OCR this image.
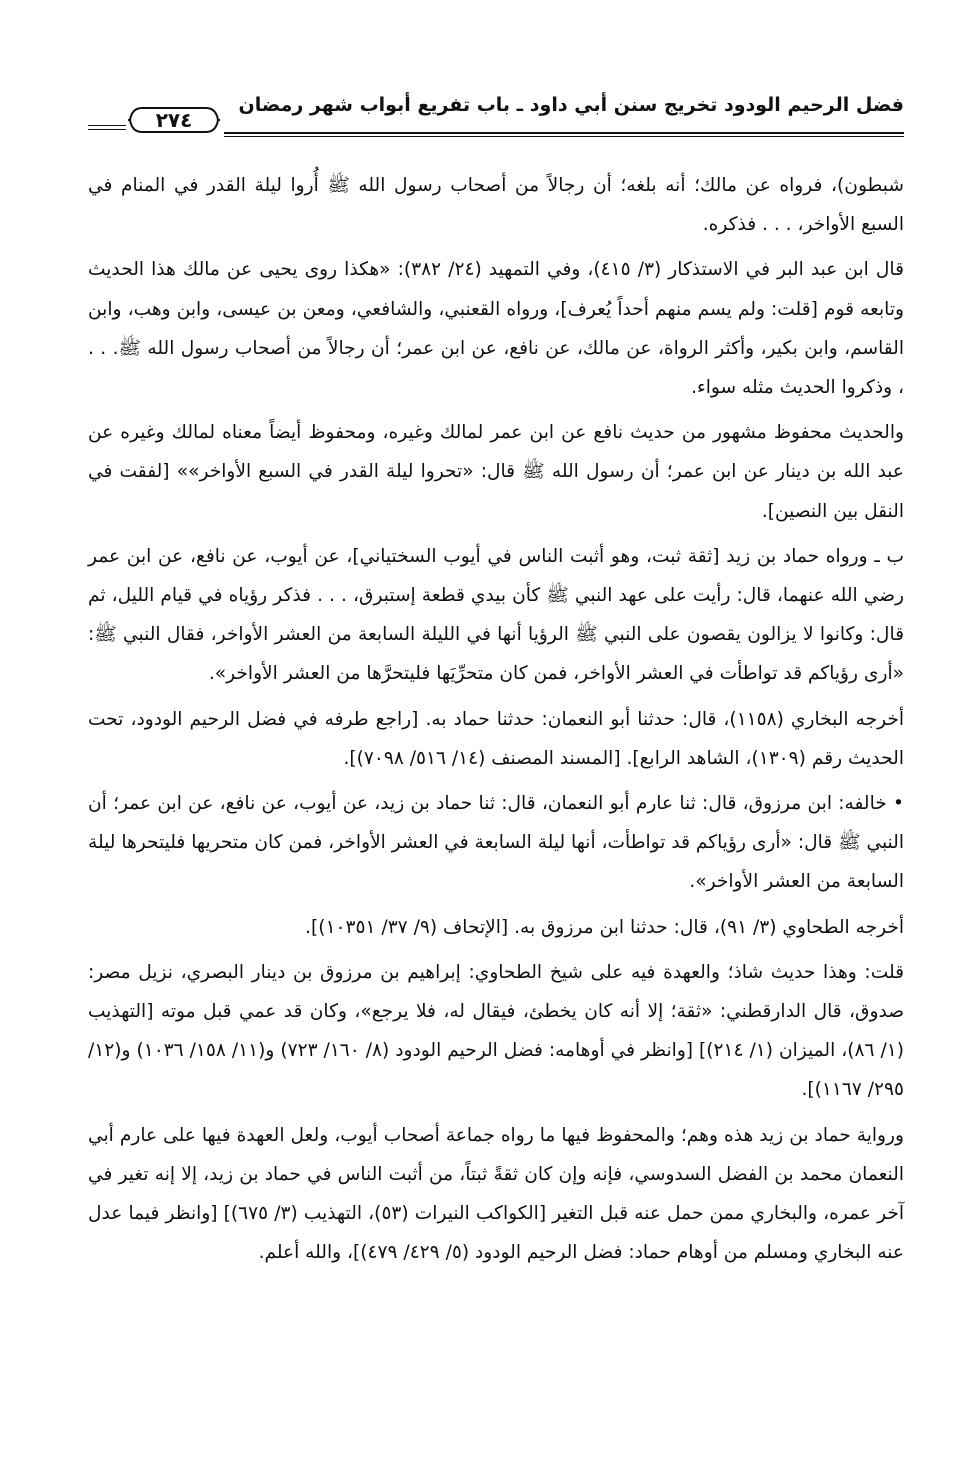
فضل الرحيم الودود تخريج سنن أبي داود ـ باب تفريع أبواب شهر رمضان
٢٧٤

شبطون)، فرواه عن مالك؛ أنه بلغه؛ أن رجالاً من أصحاب رسول الله ﷺ أُروا ليلة القدر في المنام في السبع الأواخر، . . . فذكره.

قال ابن عبد البر في الاستذكار (٣/ ٤١٥)، وفي التمهيد (٢٤/ ٣٨٢): «هكذا روى يحيى عن مالك هذا الحديث وتابعه قوم [قلت: ولم يسم منهم أحداً يُعرف]، ورواه القعنبي، والشافعي، ومعن بن عيسى، وابن وهب، وابن القاسم، وابن بكير، وأكثر الرواة، عن مالك، عن نافع، عن ابن عمر؛ أن رجالاً من أصحاب رسول الله ﷺ. . . ، وذكروا الحديث مثله سواء.

والحديث محفوظ مشهور من حديث نافع عن ابن عمر لمالك وغيره، ومحفوظ أيضاً معناه لمالك وغيره عن عبد الله بن دينار عن ابن عمر؛ أن رسول الله ﷺ قال: «تحروا ليلة القدر في السبع الأواخر»» [لفقت في النقل بين النصين].

ب ـ ورواه حماد بن زيد [ثقة ثبت، وهو أثبت الناس في أيوب السختياني]، عن أيوب، عن نافع، عن ابن عمر رضي الله عنهما، قال: رأيت على عهد النبي ﷺ كأن بيدي قطعة إستبرق، . . . فذكر رؤياه في قيام الليل، ثم قال: وكانوا لا يزالون يقصون على النبي ﷺ الرؤيا أنها في الليلة السابعة من العشر الأواخر، فقال النبي ﷺ: «أرى رؤياكم قد تواطأت في العشر الأواخر، فمن كان متحرِّيَها فليتحرَّها من العشر الأواخر».

أخرجه البخاري (١١٥٨)، قال: حدثنا أبو النعمان: حدثنا حماد به. [راجع طرفه في فضل الرحيم الودود، تحت الحديث رقم (١٣٠٩)، الشاهد الرابع]. [المسند المصنف (١٤/ ٥١٦/ ٧٠٩٨)].

• خالفه: ابن مرزوق، قال: ثنا عارم أبو النعمان، قال: ثنا حماد بن زيد، عن أيوب، عن نافع، عن ابن عمر؛ أن النبي ﷺ قال: «أرى رؤياكم قد تواطأت، أنها ليلة السابعة في العشر الأواخر، فمن كان متحريها فليتحرها ليلة السابعة من العشر الأواخر».

أخرجه الطحاوي (٣/ ٩١)، قال: حدثنا ابن مرزوق به. [الإتحاف (٩/ ٣٧/ ١٠٣٥١)].

قلت: وهذا حديث شاذ؛ والعهدة فيه على شيخ الطحاوي: إبراهيم بن مرزوق بن دينار البصري، نزيل مصر: صدوق، قال الدارقطني: «ثقة؛ إلا أنه كان يخطئ، فيقال له، فلا يرجع»، وكان قد عمي قبل موته [التهذيب (١/ ٨٦)، الميزان (١/ ٢١٤)] [وانظر في أوهامه: فضل الرحيم الودود (٨/ ١٦٠/ ٧٢٣) و(١١/ ١٥٨/ ١٠٣٦) و(١٢/ ٢٩٥/ ١١٦٧)].

ورواية حماد بن زيد هذه وهم؛ والمحفوظ فيها ما رواه جماعة أصحاب أيوب، ولعل العهدة فيها على عارم أبي النعمان محمد بن الفضل السدوسي، فإنه وإن كان ثقةً ثبتاً، من أثبت الناس في حماد بن زيد، إلا إنه تغير في آخر عمره، والبخاري ممن حمل عنه قبل التغير [الكواكب النيرات (٥٣)، التهذيب (٣/ ٦٧٥)] [وانظر فيما عدل عنه البخاري ومسلم من أوهام حماد: فضل الرحيم الودود (٥/ ٤٢٩/ ٤٧٩)]، والله أعلم.
